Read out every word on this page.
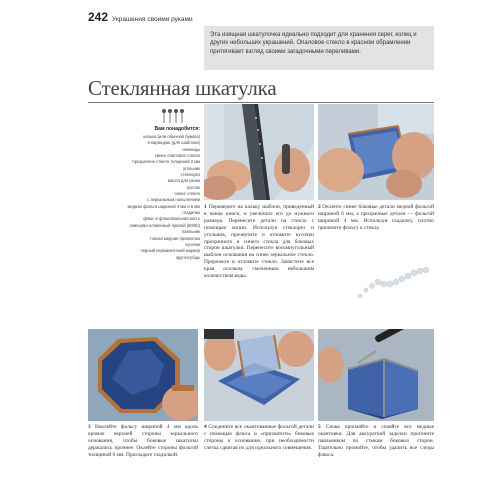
242 Украшения своими руками

Эта изящная шкатулочка идеально подходит для хранения серег, колец и других небольших украшений. Опаловое стекло в красном обрамлении притягивает взгляд своими загадочными переливами.

Стеклянная шкатулка
Вам понадобится:
калька (или обычная бумага)
и карандаш (для шаблона)
ножницы
синее опаловое стекло
прозрачное стекло толщиной 2 мм
угольник
стеклорез
масло для резки
оселок
синее стекло
с зеркальным напылением
медная фольга шириной 4 мм и 6 мм
гладилка
флюс и флюсовальная кисть
свинцово-оловянный припой (50/50)
паяльник
тонкая медная проволока
кусачки
черный перманентный маркер
круглогубцы

1 Переведите на кальку шаблон, приведенный в конце книги, и увеличьте его до нужного размера. Перенесите детали на стекло с помощью копии. Используя стеклорез и угольник, прочертите и отломите кусочки прозрачного и синего стекла для боковых сторон шкатулки. Перенесите восьмиугольный шаблон основания на синее зеркальное стекло. Прорежьте и отломите стекло. Зачистите все края оселком, смоченным небольшим количеством воды.

2 Оклеите синие боковые детали медной фольгой шириной 6 мм, а прозрачные детали — фольгой шириной 4 мм. Используя гладилку, плотно прижмите фольгу к стеклу.

3 Наклейте фольгу шириной 4 мм вдоль кромок верхней стороны зеркального основания, чтобы боковые шкатулки держались прочнее. Оклейте стороны фольгой толщиной 6 мм. Пригладьте гладилкой.

4 Соедините все окантованные фольгой детали с помощью флюса и «прихватите» боковые стороны к основанию, при необходимости слегка сдвигая их для идеального совмещения.

5 Снова пропаяйте и спаяйте все медные окантовки. Для аккуратной заделки прогоните паяльником по стыкам боковых сторон. Тщательно промойте, чтобы удалить все следы флюса.
